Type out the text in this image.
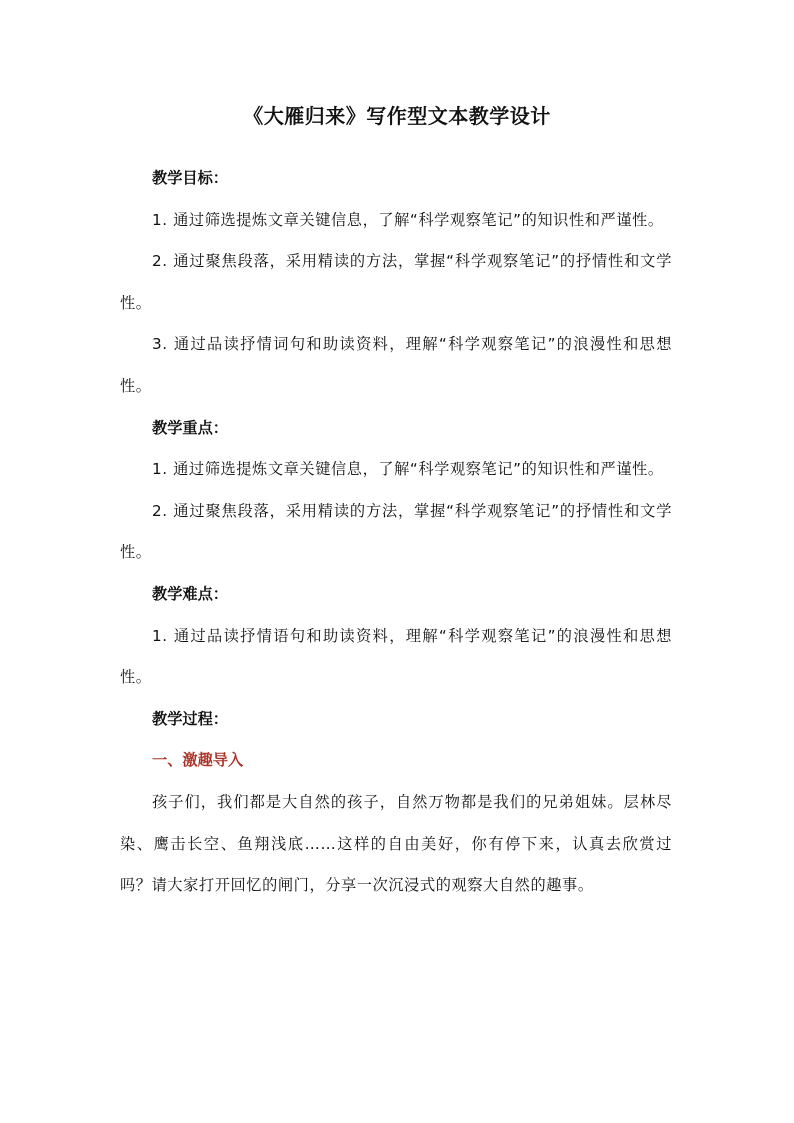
《大雁归来》写作型文本教学设计

教学目标：

1. 通过筛选提炼文章关键信息，了解“科学观察笔记”的知识性和严谨性。

2. 通过聚焦段落，采用精读的方法，掌握“科学观察笔记”的抒情性和文学性。

3. 通过品读抒情词句和助读资料，理解“科学观察笔记”的浪漫性和思想性。

教学重点：

1. 通过筛选提炼文章关键信息，了解“科学观察笔记”的知识性和严谨性。

2. 通过聚焦段落，采用精读的方法，掌握“科学观察笔记”的抒情性和文学性。

教学难点：

1. 通过品读抒情语句和助读资料，理解“科学观察笔记”的浪漫性和思想性。

教学过程：

一、激趣导入

孩子们，我们都是大自然的孩子，自然万物都是我们的兄弟姐妹。层林尽染、鹰击长空、鱼翔浅底……这样的自由美好，你有停下来，认真去欣赏过吗？请大家打开回忆的闸门，分享一次沉浸式的观察大自然的趣事。
